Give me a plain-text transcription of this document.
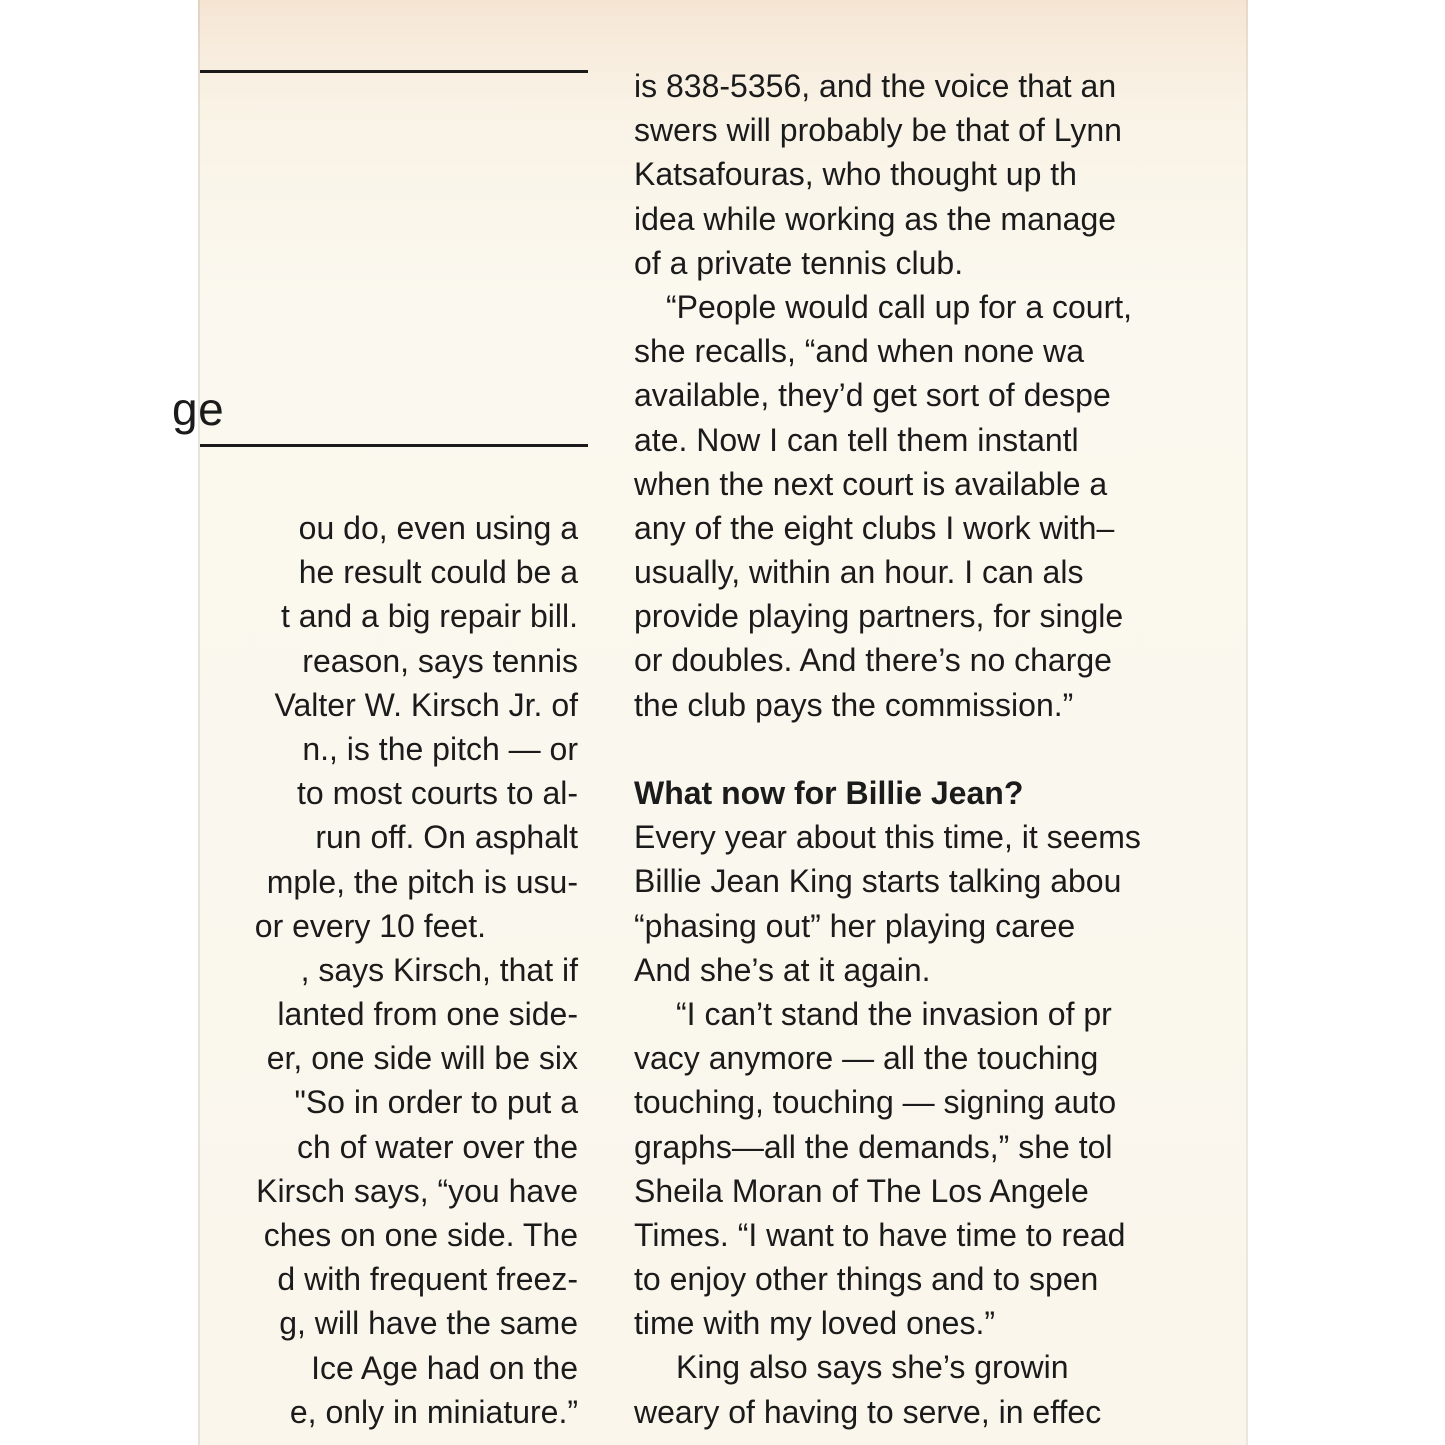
ge
ou do, even using a
he result could be a
t and a big repair bill.
reason, says tennis
Valter W. Kirsch Jr. of
n., is the pitch — or
to most courts to al-
run off. On asphalt
mple, the pitch is usu-
or every 10 feet.
, says Kirsch, that if
lanted from one side-
er, one side will be six
"So in order to put a
ch of water over the
Kirsch says, “you have
ches on one side. The
d with frequent freez-
g, will have the same
Ice Age had on the
e, only in miniature.”
is 838-5356, and the voice that an
swers will probably be that of Lynn
Katsafouras, who thought up th
idea while working as the manage
of a private tennis club.
“People would call up for a court,
she recalls, “and when none wa
available, they’d get sort of despe
ate. Now I can tell them instantl
when the next court is available a
any of the eight clubs I work with–
usually, within an hour. I can als
provide playing partners, for single
or doubles. And there’s no charge
the club pays the commission.”
What now for Billie Jean?
Every year about this time, it seems
Billie Jean King starts talking abou
“phasing out” her playing caree
And she’s at it again.
“I can’t stand the invasion of pr
vacy anymore — all the touching
touching, touching — signing auto
graphs—all the demands,” she tol
Sheila Moran of The Los Angele
Times. “I want to have time to read
to enjoy other things and to spen
time with my loved ones.”
King also says she’s growin
weary of having to serve, in effec
